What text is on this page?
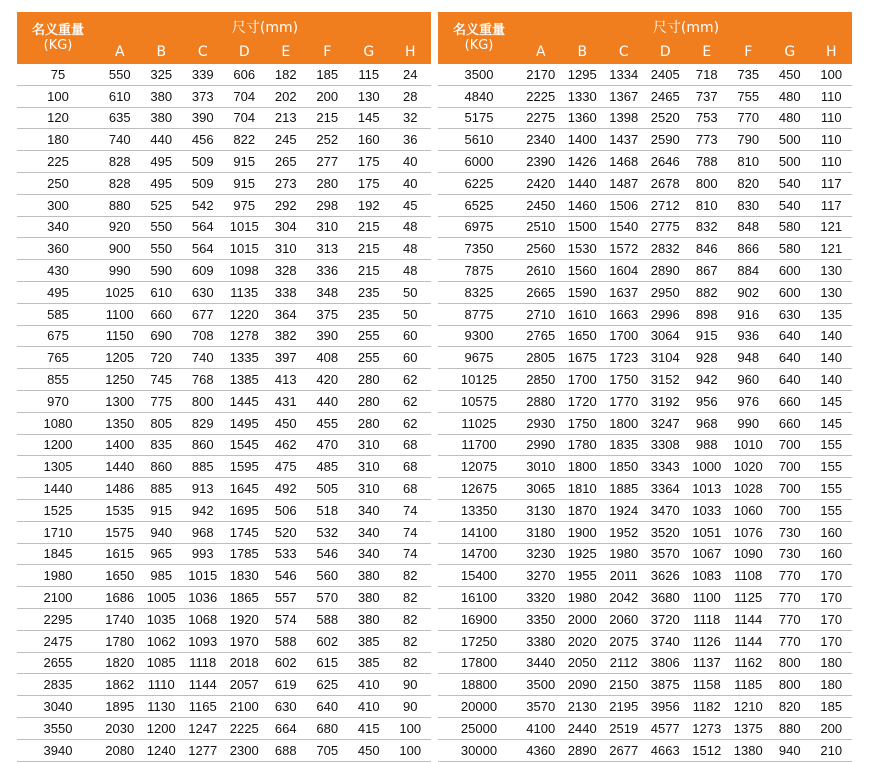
名义重量
(KG)	尺寸(mm)							
	A	B	C	D	E	F	G	H
75	550	325	339	606	182	185	115	24
100	610	380	373	704	202	200	130	28
120	635	380	390	704	213	215	145	32
180	740	440	456	822	245	252	160	36
225	828	495	509	915	265	277	175	40
250	828	495	509	915	273	280	175	40
300	880	525	542	975	292	298	192	45
340	920	550	564	1015	304	310	215	48
360	900	550	564	1015	310	313	215	48
430	990	590	609	1098	328	336	215	48
495	1025	610	630	1135	338	348	235	50
585	1100	660	677	1220	364	375	235	50
675	1150	690	708	1278	382	390	255	60
765	1205	720	740	1335	397	408	255	60
855	1250	745	768	1385	413	420	280	62
970	1300	775	800	1445	431	440	280	62
1080	1350	805	829	1495	450	455	280	62
1200	1400	835	860	1545	462	470	310	68
1305	1440	860	885	1595	475	485	310	68
1440	1486	885	913	1645	492	505	310	68
1525	1535	915	942	1695	506	518	340	74
1710	1575	940	968	1745	520	532	340	74
1845	1615	965	993	1785	533	546	340	74
1980	1650	985	1015	1830	546	560	380	82
2100	1686	1005	1036	1865	557	570	380	82
2295	1740	1035	1068	1920	574	588	380	82
2475	1780	1062	1093	1970	588	602	385	82
2655	1820	1085	1118	2018	602	615	385	82
2835	1862	1110	1144	2057	619	625	410	90
3040	1895	1130	1165	2100	630	640	410	90
3550	2030	1200	1247	2225	664	680	415	100
3940	2080	1240	1277	2300	688	705	450	100
名义重量
(KG)	尺寸(mm)							
	A	B	C	D	E	F	G	H
3500	2170	1295	1334	2405	718	735	450	100
4840	2225	1330	1367	2465	737	755	480	110
5175	2275	1360	1398	2520	753	770	480	110
5610	2340	1400	1437	2590	773	790	500	110
6000	2390	1426	1468	2646	788	810	500	110
6225	2420	1440	1487	2678	800	820	540	117
6525	2450	1460	1506	2712	810	830	540	117
6975	2510	1500	1540	2775	832	848	580	121
7350	2560	1530	1572	2832	846	866	580	121
7875	2610	1560	1604	2890	867	884	600	130
8325	2665	1590	1637	2950	882	902	600	130
8775	2710	1610	1663	2996	898	916	630	135
9300	2765	1650	1700	3064	915	936	640	140
9675	2805	1675	1723	3104	928	948	640	140
10125	2850	1700	1750	3152	942	960	640	140
10575	2880	1720	1770	3192	956	976	660	145
11025	2930	1750	1800	3247	968	990	660	145
11700	2990	1780	1835	3308	988	1010	700	155
12075	3010	1800	1850	3343	1000	1020	700	155
12675	3065	1810	1885	3364	1013	1028	700	155
13350	3130	1870	1924	3470	1033	1060	700	155
14100	3180	1900	1952	3520	1051	1076	730	160
14700	3230	1925	1980	3570	1067	1090	730	160
15400	3270	1955	2011	3626	1083	1108	770	170
16100	3320	1980	2042	3680	1100	1125	770	170
16900	3350	2000	2060	3720	1118	1144	770	170
17250	3380	2020	2075	3740	1126	1144	770	170
17800	3440	2050	2112	3806	1137	1162	800	180
18800	3500	2090	2150	3875	1158	1185	800	180
20000	3570	2130	2195	3956	1182	1210	820	185
25000	4100	2440	2519	4577	1273	1375	880	200
30000	4360	2890	2677	4663	1512	1380	940	210
